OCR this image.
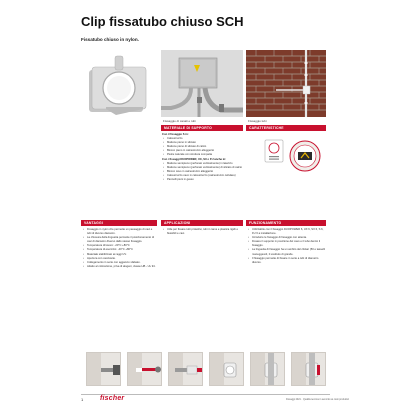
Clip fissatubo chiuso SCH
Fissatubo chiuso in nylon.
Fissaggio di canali e tubi	Fissaggio tubi
MATERIALE DI SUPPORTO
Con il fissaggio S in:
• Calcestruzzo
• Mattone pieno in silicato
• Mattone pieno di silicato di calcio
• Blocco pieno in calcestruzzo alleggerito
• Pietra naturale con struttura compatta
Con i fissaggi DUOPOWER, UX, SX o FU anche in:
• Mattone semipieno (perforato verticalmente) in laterizio
• Mattone semipieno (perforato verticalmente) di silicato di calcio
• Blocco cavo in calcestruzzo alleggerito
• Calcestruzzo cavo in calcestruzzo (calcestruzzo cellulare)
• Pannelli pieni in gesso
CARATTERISTICHE
VANTAGGI
• Fissaggio in nylon che permette un passaggio di cavi e tubi di diverso diametro.
• La chiusura della linguetta permette il posizionamento di cavi di diametro diverso dallo stesso fissaggio.
• Temperatura di lavoro: -20°C +80°C
• Temperatura di esercizio: -40°C +80°C
• Materiale stabilizzato ai raggi UV.
• Apertura con cacciavite.
• Collegamento in serie con aggancio sfalsato.
• Adatto al colorazione, priva di alogeni, classe HB - UL 94.
APPLICAZIONI
• Utile per fissare tubi protettivi, tubi in rame e plastica rigidi e flessibili e cavi.
FUNZIONAMENTO
• Utilizzabile con il fissaggio DUOPOWER 6, UX 6, SX 6, S 6, FU 6 a installazione.
• Introdurre le fiscaggio di fissaggio con attenta.
• Fissare il supporto in posizione del cavo e il tubo dentro il fissaggio.
• La linguetta di fissaggio ha un ambito del clickar (50 e tasselli maneggevoli, il sostituto di grande.
• Il fissaggio permette di fissare in serie a tubi di diametro diverso.
1 fischer	Fissaggi 2021 · Qualità tecnica in accordo ai costi produttivi
